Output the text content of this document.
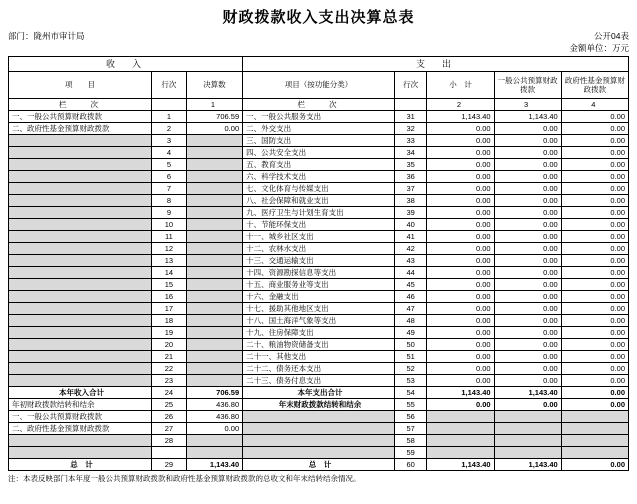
财政拨款收入支出决算总表
部门：陇州市审计局	公开04表
金额单位：万元
收　入			支　出				
项　　目	行次	决算数	项目（按功能分类）	行次	小　计	一般公共预算财政拨款	政府性基金预算财政拨款
栏　　次		1	栏　　次		2	3	4
一、一般公共预算财政拨款	1	706.59	一、一般公共服务支出	31	1,143.40	1,143.40	0.00
二、政府性基金预算财政拨款	2	0.00	二、外交支出	32	0.00	0.00	0.00
	3		三、国防支出	33	0.00	0.00	0.00
	4		四、公共安全支出	34	0.00	0.00	0.00
	5		五、教育支出	35	0.00	0.00	0.00
	6		六、科学技术支出	36	0.00	0.00	0.00
	7		七、文化体育与传媒支出	37	0.00	0.00	0.00
	8		八、社会保障和就业支出	38	0.00	0.00	0.00
	9		九、医疗卫生与计划生育支出	39	0.00	0.00	0.00
	10		十、节能环保支出	40	0.00	0.00	0.00
	11		十一、城乡社区支出	41	0.00	0.00	0.00
	12		十二、农林水支出	42	0.00	0.00	0.00
	13		十三、交通运输支出	43	0.00	0.00	0.00
	14		十四、资源勘探信息等支出	44	0.00	0.00	0.00
	15		十五、商业服务业等支出	45	0.00	0.00	0.00
	16		十六、金融支出	46	0.00	0.00	0.00
	17		十七、援助其他地区支出	47	0.00	0.00	0.00
	18		十八、国土海洋气象等支出	48	0.00	0.00	0.00
	19		十九、住房保障支出	49	0.00	0.00	0.00
	20		二十、粮油物资储备支出	50	0.00	0.00	0.00
	21		二十一、其他支出	51	0.00	0.00	0.00
	22		二十二、债务还本支出	52	0.00	0.00	0.00
	23		二十三、债务付息支出	53	0.00	0.00	0.00
本年收入合计	24	706.59	本年支出合计	54	1,143.40	1,143.40	0.00
年初财政拨款结转和结余	25	436.80	年末财政拨款结转和结余	55	0.00	0.00	0.00
一、一般公共预算财政拨款	26	436.80		56			
二、政府性基金预算财政拨款	27	0.00		57			
	28			58			
				59			
总　计	29	1,143.40	总　计	60	1,143.40	1,143.40	0.00
注：本表反映部门本年度一般公共预算财政拨款和政府性基金预算财政拨款的总收文和年末结转结余情况。
